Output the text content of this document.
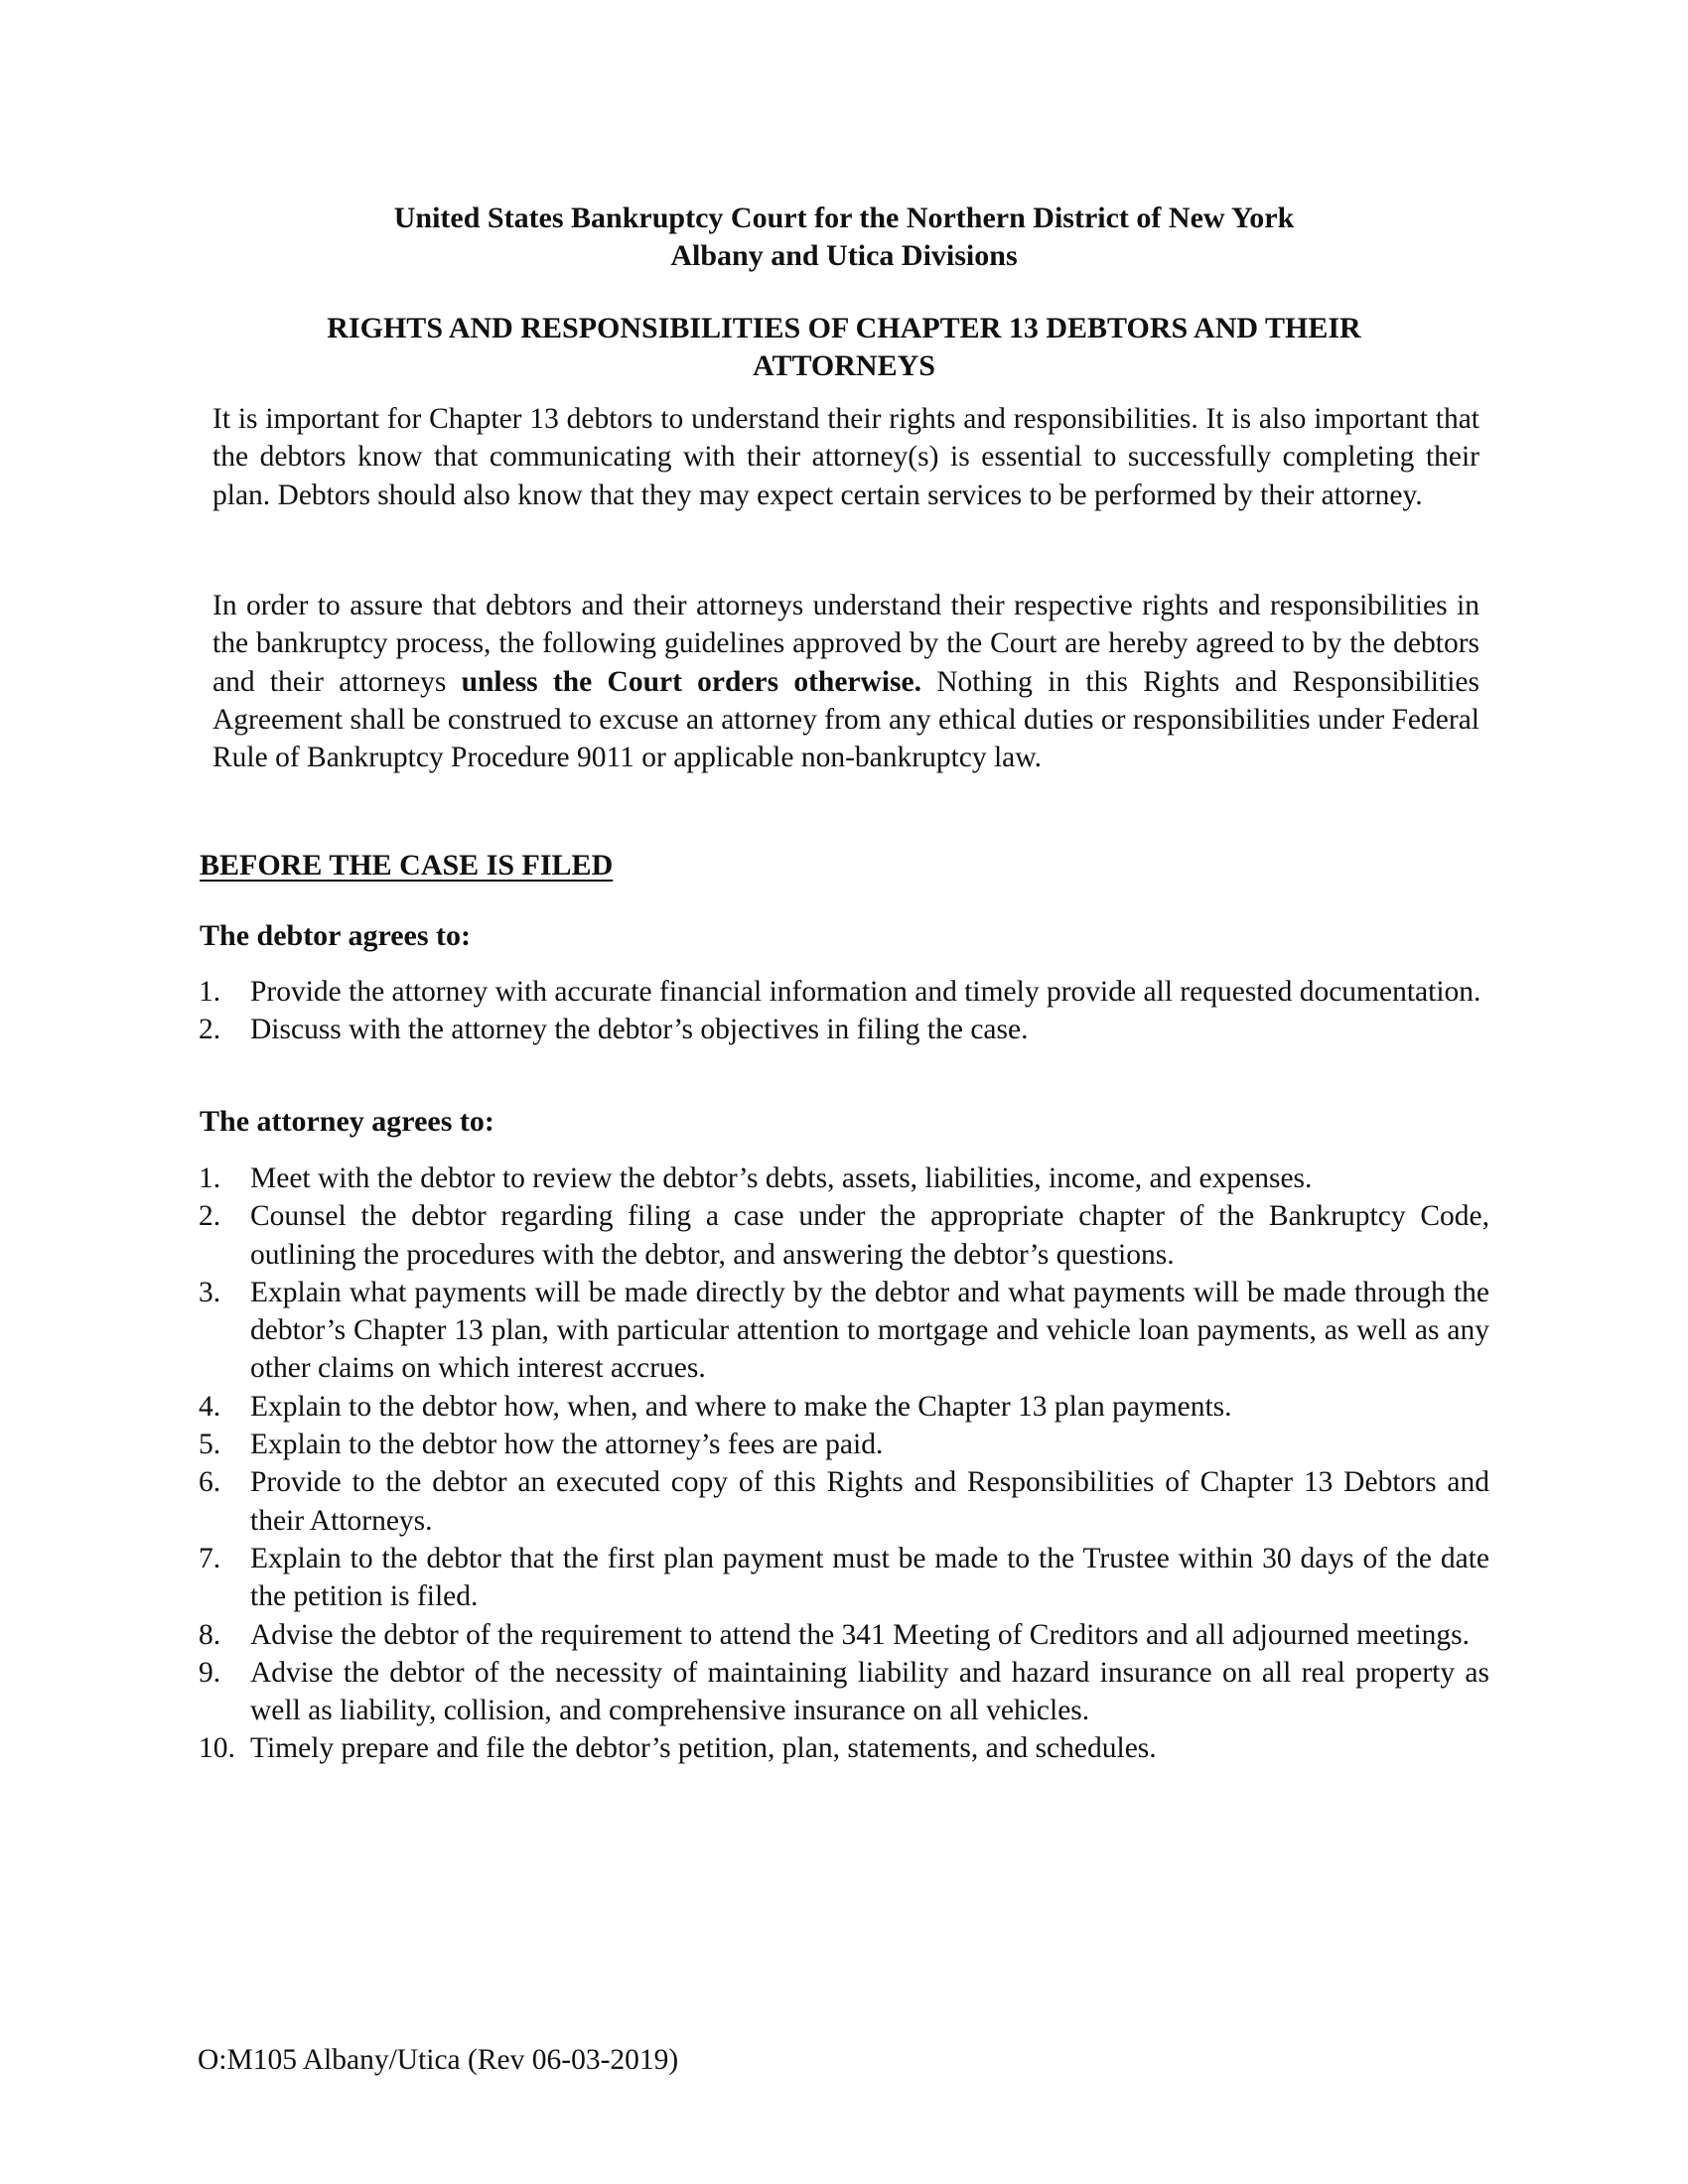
United States Bankruptcy Court for the Northern District of New York
Albany and Utica Divisions
RIGHTS AND RESPONSIBILITIES OF CHAPTER 13 DEBTORS AND THEIR ATTORNEYS

It is important for Chapter 13 debtors to understand their rights and responsibilities. It is also important that the debtors know that communicating with their attorney(s) is essential to successfully completing their plan. Debtors should also know that they may expect certain services to be performed by their attorney.

In order to assure that debtors and their attorneys understand their respective rights and responsibilities in the bankruptcy process, the following guidelines approved by the Court are hereby agreed to by the debtors and their attorneys unless the Court orders otherwise. Nothing in this Rights and Responsibilities Agreement shall be construed to excuse an attorney from any ethical duties or responsibilities under Federal Rule of Bankruptcy Procedure 9011 or applicable non-bankruptcy law.

BEFORE THE CASE IS FILED
The debtor agrees to:
1.	Provide the attorney with accurate financial information and timely provide all requested documentation.
2.	Discuss with the attorney the debtor’s objectives in filing the case.
The attorney agrees to:
1.	Meet with the debtor to review the debtor’s debts, assets, liabilities, income, and expenses.
2.	Counsel the debtor regarding filing a case under the appropriate chapter of the Bankruptcy Code, outlining the procedures with the debtor, and answering the debtor’s questions.
3.	Explain what payments will be made directly by the debtor and what payments will be made through the debtor’s Chapter 13 plan, with particular attention to mortgage and vehicle loan payments, as well as any other claims on which interest accrues.
4.	Explain to the debtor how, when, and where to make the Chapter 13 plan payments.
5.	Explain to the debtor how the attorney’s fees are paid.
6.	Provide to the debtor an executed copy of this Rights and Responsibilities of Chapter 13 Debtors and their Attorneys.
7.	Explain to the debtor that the first plan payment must be made to the Trustee within 30 days of the date the petition is filed.
8.	Advise the debtor of the requirement to attend the 341 Meeting of Creditors and all adjourned meetings.
9.	Advise the debtor of the necessity of maintaining liability and hazard insurance on all real property as well as liability, collision, and comprehensive insurance on all vehicles.
10. Timely prepare and file the debtor’s petition, plan, statements, and schedules.
O:M105 Albany/Utica (Rev 06-03-2019)
